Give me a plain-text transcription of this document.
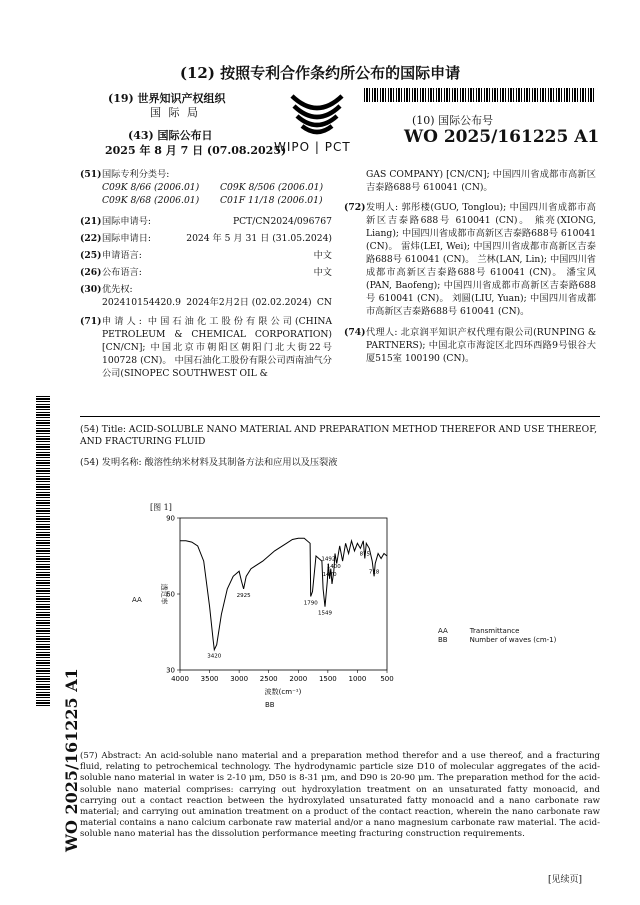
(12) 按照专利合作条约所公布的国际申请
(19) 世界知识产权组织
国 际 局
(43) 国际公布日
2025 年 8 月 7 日 (07.08.2025)
WIPO | PCT
(10) 国际公布号
WO 2025/161225 A1
(51) 国际专利分类号:
C09K 8/66 (2006.01)	C09K 8/506 (2006.01)
C09K 8/68 (2006.01)	C01F 11/18 (2006.01)
(21) 国际申请号:	PCT/CN2024/096767
(22) 国际申请日:	2024 年 5 月 31 日 (31.05.2024)
(25) 申请语言:	中文
(26) 公布语言:	中文
(30) 优先权:
202410154420.9 2024年2月2日 (02.02.2024) CN
(71) 申请人: 中国石油化工股份有限公司(CHINA PETROLEUM & CHEMICAL CORPORATION) [CN/CN]; 中国北京市朝阳区朝阳门北大街22号 100728 (CN)。 中国石油化工股份有限公司西南油气分公司(SINOPEC SOUTHWEST OIL &
GAS COMPANY) [CN/CN]; 中国四川省成都市高新区吉泰路688号 610041 (CN)。
(72) 发明人: 郭彤楼(GUO, Tonglou); 中国四川省成都市高新区吉泰路688号 610041 (CN)。 熊亮(XIONG, Liang); 中国四川省成都市高新区吉泰路688号 610041 (CN)。 雷炜(LEI, Wei); 中国四川省成都市高新区吉泰路688号 610041 (CN)。 兰林(LAN, Lin); 中国四川省成都市高新区吉泰路688号 610041 (CN)。 潘宝风(PAN, Baofeng); 中国四川省成都市高新区吉泰路688号 610041 (CN)。 刘圆(LIU, Yuan); 中国四川省成都市高新区吉泰路688号 610041 (CN)。
(74) 代理人: 北京润平知识产权代理有限公司(RUNPING & PARTNERS); 中国北京市海淀区北四环西路9号银谷大厦515室 100190 (CN)。
(54) Title: ACID-SOLUBLE NANO MATERIAL AND PREPARATION METHOD THEREFOR AND USE THEREOF, AND FRACTURING FLUID
(54) 发明名称: 酸溶性纳米材料及其制备方法和应用以及压裂液
[图 1]
AA
BB
4000 3500 3000 2500 2000 1500 1000 500
30
60
90
3420
2925
1790
1549
1492
1470
1400
875
718
透过率
波数(cm⁻¹)
AA	Transmittance
BB	Number of waves (cm-1)
(57) Abstract: An acid-soluble nano material and a preparation method therefor and a use thereof, and a fracturing fluid, relating to petrochemical technology. The hydrodynamic particle size D10 of molecular aggregates of the acid-soluble nano material in water is 2-10 μm, D50 is 8-31 μm, and D90 is 20-90 μm. The preparation method for the acid-soluble nano material comprises: carrying out hydroxylation treatment on an unsaturated fatty monoacid, and carrying out a contact reaction between the hydroxylated unsaturated fatty monoacid and a nano carbonate raw material; and carrying out amination treatment on a product of the contact reaction, wherein the nano carbonate raw material contains a nano calcium carbonate raw material and/or a nano magnesium carbonate raw material. The acid-soluble nano material has the dissolution performance meeting fracturing construction requirements.
WO 2025/161225 A1
[见续页]
